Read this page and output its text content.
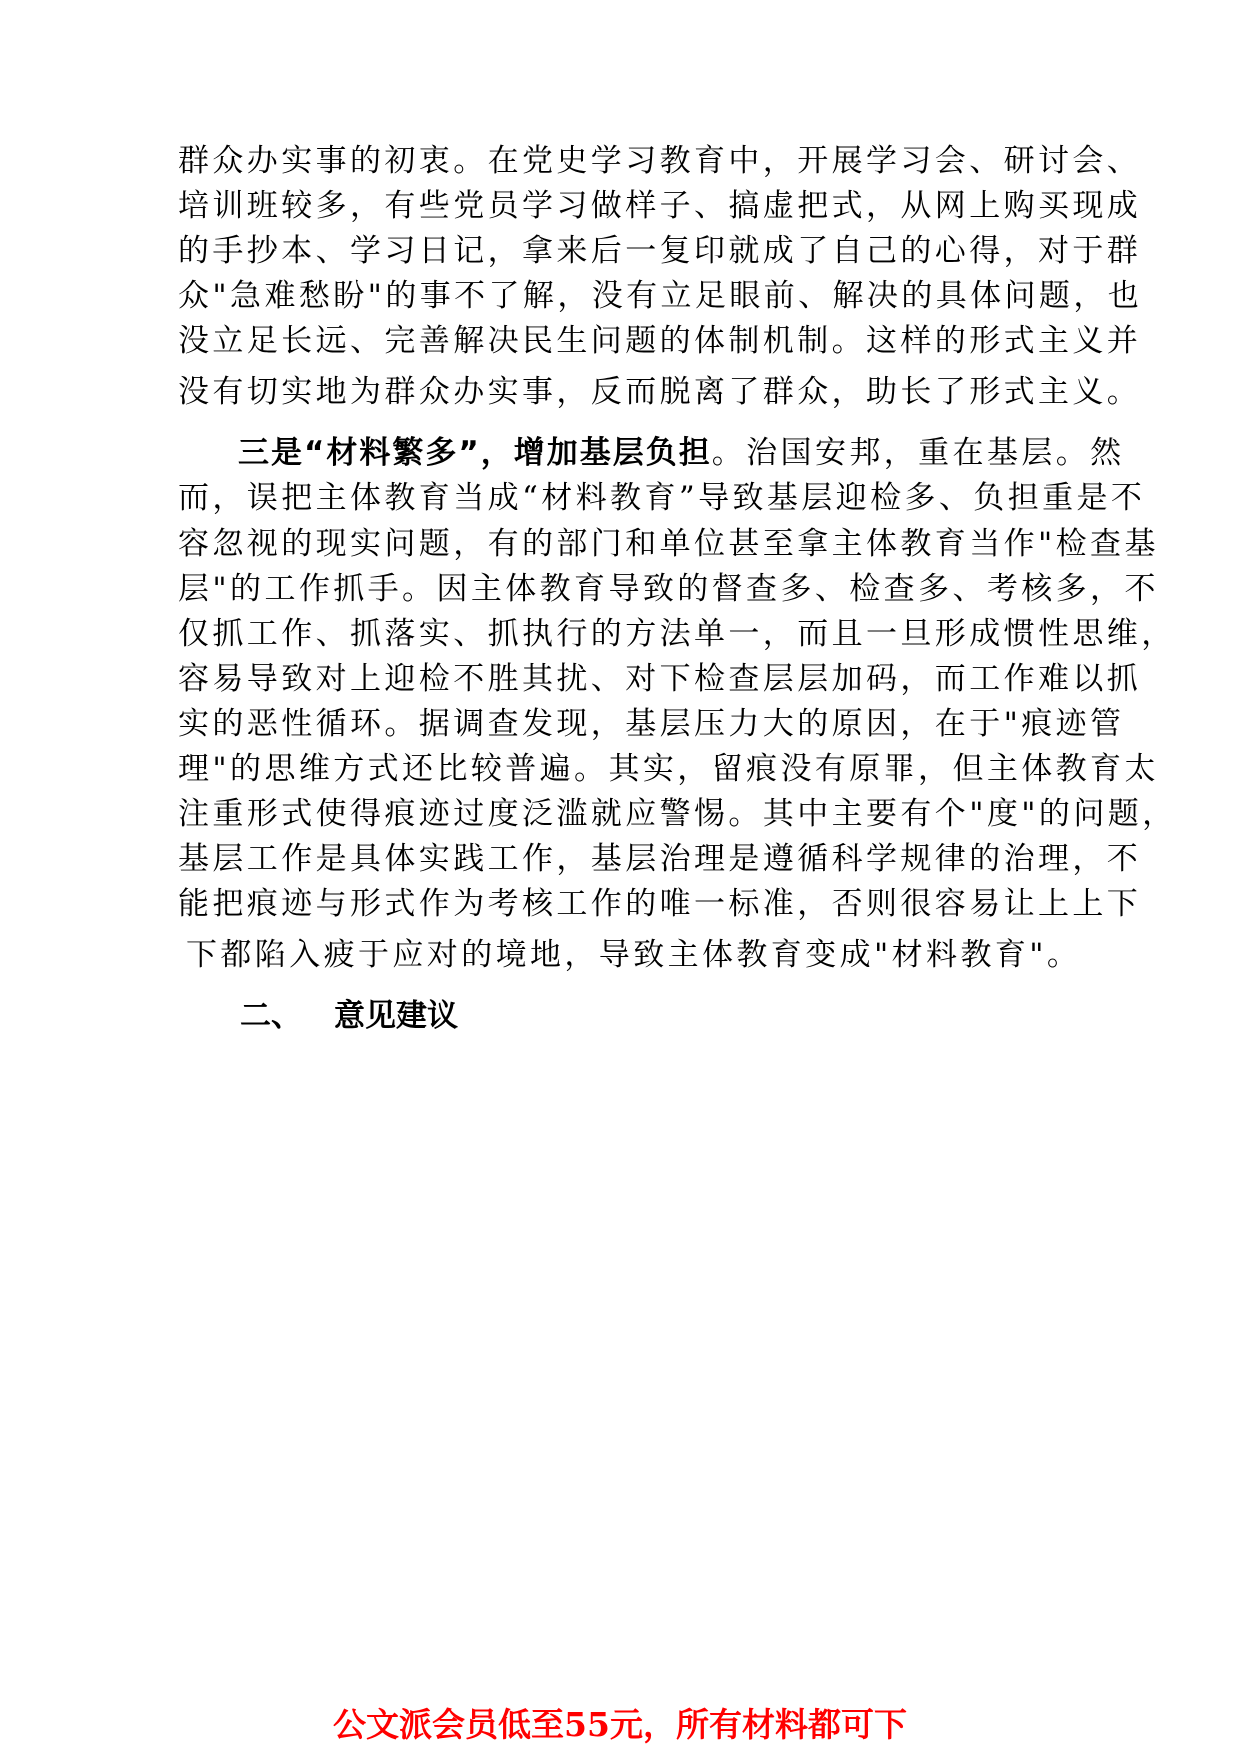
群众办实事的初衷。在党史学习教育中，开展学习会、研讨会、
培训班较多，有些党员学习做样子、搞虚把式，从网上购买现成
的手抄本、学习日记，拿来后一复印就成了自己的心得，对于群
众"急难愁盼"的事不了解，没有立足眼前、解决的具体问题，也
没立足长远、完善解决民生问题的体制机制。这样的形式主义并
没有切实地为群众办实事，反而脱离了群众，助长了形式主义。
三是“材料繁多”，增加基层负担。治国安邦，重在基层。然
而，误把主体教育当成“材料教育”导致基层迎检多、负担重是不
容忽视的现实问题，有的部门和单位甚至拿主体教育当作"检查基
层"的工作抓手。因主体教育导致的督查多、检查多、考核多，不
仅抓工作、抓落实、抓执行的方法单一，而且一旦形成惯性思维，
容易导致对上迎检不胜其扰、对下检查层层加码，而工作难以抓
实的恶性循环。据调查发现，基层压力大的原因，在于"痕迹管
理"的思维方式还比较普遍。其实，留痕没有原罪，但主体教育太
注重形式使得痕迹过度泛滥就应警惕。其中主要有个"度"的问题，
基层工作是具体实践工作，基层治理是遵循科学规律的治理，不
能把痕迹与形式作为考核工作的唯一标准，否则很容易让上上下
下都陷入疲于应对的境地，导致主体教育变成"材料教育"。
二、 意见建议
公文派会员低至55元，所有材料都可下
